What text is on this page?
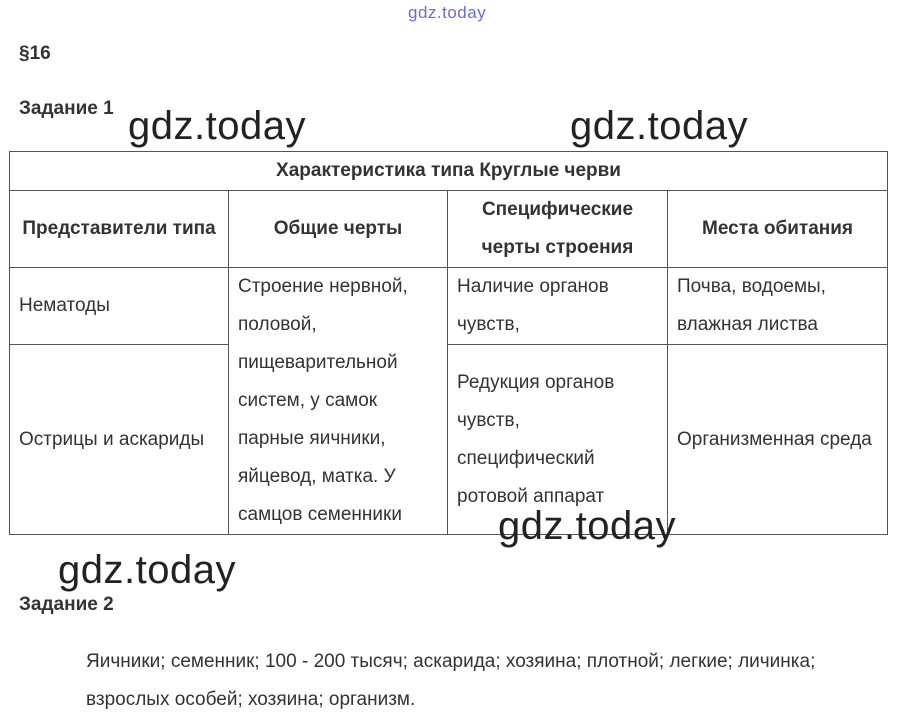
gdz.today
§16
Задание 1 gdz.today	gdz.today
Характеристика типа Круглые черви			
Представители типа	Общие черты	Специфические черты строения	Места обитания
Нематоды	Строение нервной, половой, пищеварительной систем, у самок парные яичники, яйцевод, матка. У самцов семенники	Наличие органов чувств,	Почва, водоемы, влажная листва
Острицы и аскариды		Редукция органов чувств, специфический ротовой аппарат	Организменная среда
gdz.today
gdz.today
Задание 2
Яичники; семенник; 100 - 200 тысяч; аскарида; хозяина; плотной; легкие; личинка; взрослых особей; хозяина; организм.
